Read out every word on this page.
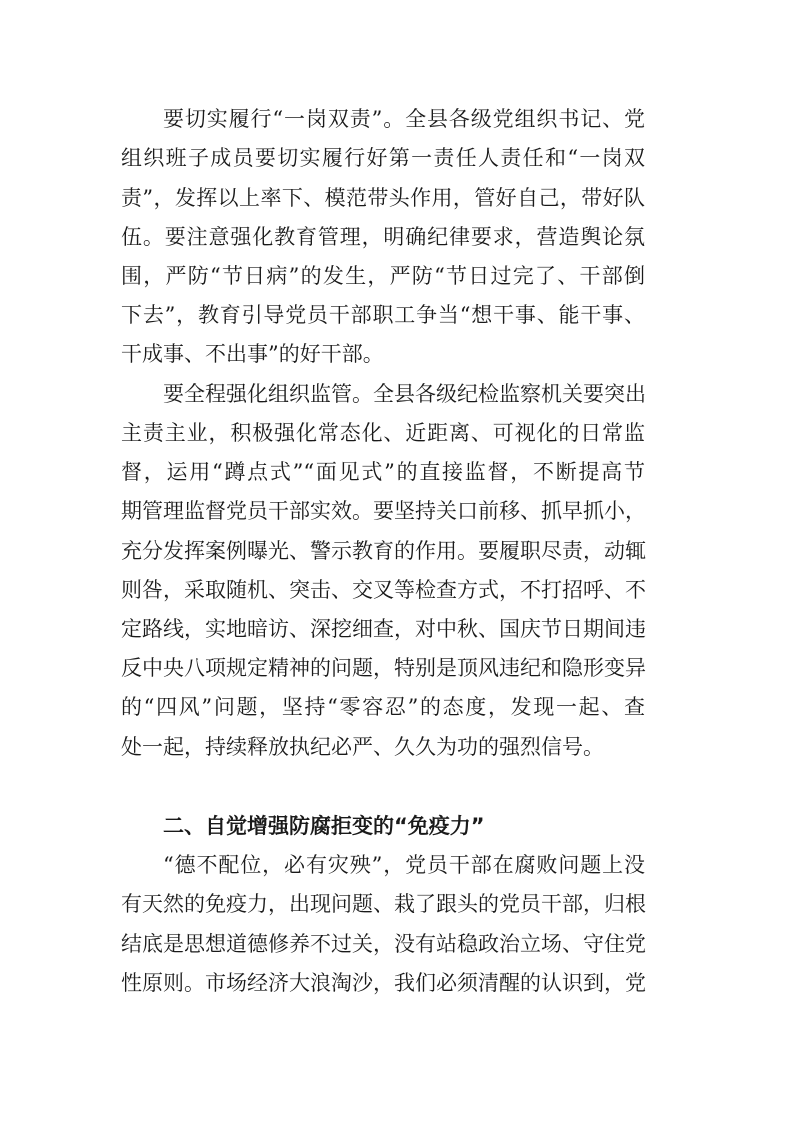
要切实履行“一岗双责”。全县各级党组织书记、党

组织班子成员要切实履行好第一责任人责任和“一岗双

责”，发挥以上率下、模范带头作用，管好自己，带好队

伍。要注意强化教育管理，明确纪律要求，营造舆论氛

围，严防“节日病”的发生，严防“节日过完了、干部倒

下去”，教育引导党员干部职工争当“想干事、能干事、

干成事、不出事”的好干部。

要全程强化组织监管。全县各级纪检监察机关要突出

主责主业，积极强化常态化、近距离、可视化的日常监

督，运用“蹲点式”“面见式”的直接监督，不断提高节

期管理监督党员干部实效。要坚持关口前移、抓早抓小，

充分发挥案例曝光、警示教育的作用。要履职尽责，动辄

则咎，采取随机、突击、交叉等检查方式，不打招呼、不

定路线，实地暗访、深挖细查，对中秋、国庆节日期间违

反中央八项规定精神的问题，特别是顶风违纪和隐形变异

的“四风”问题，坚持“零容忍”的态度，发现一起、查

处一起，持续释放执纪必严、久久为功的强烈信号。

二、自觉增强防腐拒变的“免疫力”

“德不配位，必有灾殃”，党员干部在腐败问题上没

有天然的免疫力，出现问题、栽了跟头的党员干部，归根

结底是思想道德修养不过关，没有站稳政治立场、守住党

性原则。市场经济大浪淘沙，我们必须清醒的认识到，党
